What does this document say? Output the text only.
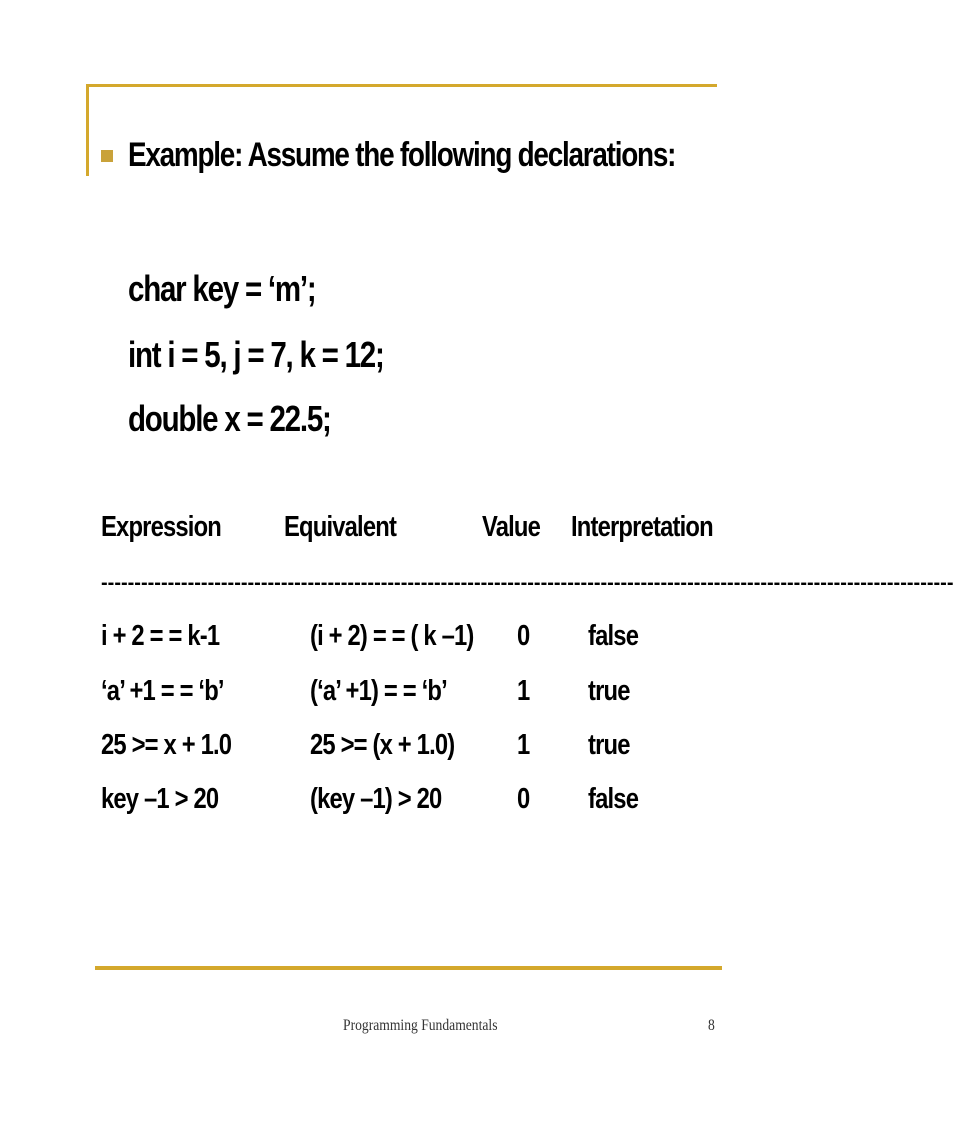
Example: Assume the following declarations:
char key = ‘m’;
int i = 5, j = 7, k = 12;
double x = 22.5;
Expression Equivalent	Value Interpretation
--------------------------------------------------------------------------------------------------------------------------------
i + 2 = = k-1	(i + 2) = = ( k –1) 0 false
‘a’ +1 = = ‘b’	(‘a’ +1) = = ‘b’ 1 true
25 >= x + 1.0	25 >= (x + 1.0) 1 true
key –1 > 20	(key –1) > 20	0 false
Programming Fundamentals	8
